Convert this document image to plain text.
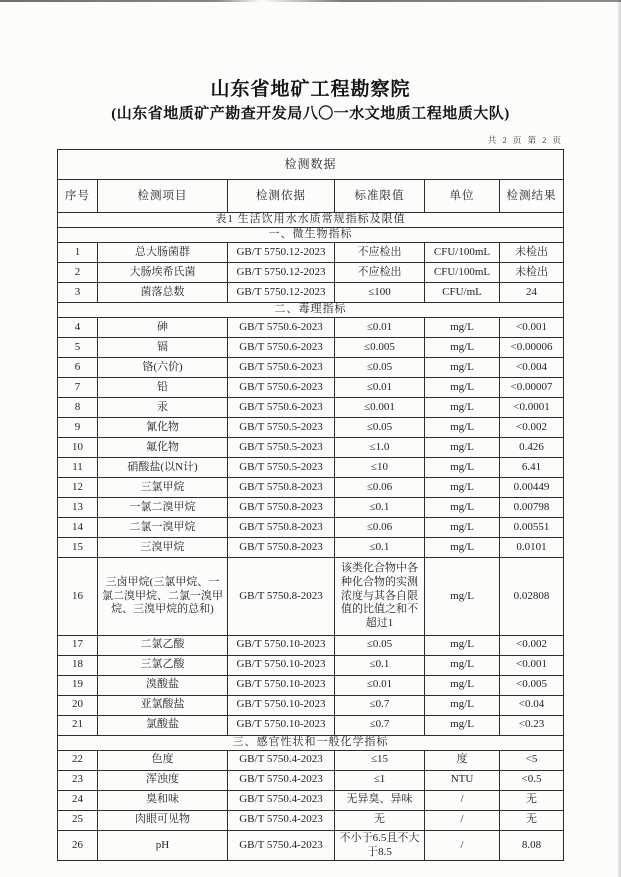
山东省地矿工程勘察院
(山东省地质矿产勘查开发局八〇一水文地质工程地质大队)
共 2 页 第 2 页
检测数据					
序号	检测项目	检测依据	标准限值	单位	检测结果
表1 生活饮用水水质常规指标及限值					
一、微生物指标					
1	总大肠菌群	GB/T 5750.12-2023	不应检出	CFU/100mL	未检出
2	大肠埃希氏菌	GB/T 5750.12-2023	不应检出	CFU/100mL	未检出
3	菌落总数	GB/T 5750.12-2023	≤100	CFU/mL	24
二、毒理指标					
4	砷	GB/T 5750.6-2023	≤0.01	mg/L	<0.001
5	镉	GB/T 5750.6-2023	≤0.005	mg/L	<0.00006
6	铬(六价)	GB/T 5750.6-2023	≤0.05	mg/L	<0.004
7	铅	GB/T 5750.6-2023	≤0.01	mg/L	<0.00007
8	汞	GB/T 5750.6-2023	≤0.001	mg/L	<0.0001
9	氰化物	GB/T 5750.5-2023	≤0.05	mg/L	<0.002
10	氟化物	GB/T 5750.5-2023	≤1.0	mg/L	0.426
11	硝酸盐(以N计)	GB/T 5750.5-2023	≤10	mg/L	6.41
12	三氯甲烷	GB/T 5750.8-2023	≤0.06	mg/L	0.00449
13	一氯二溴甲烷	GB/T 5750.8-2023	≤0.1	mg/L	0.00798
14	二氯一溴甲烷	GB/T 5750.8-2023	≤0.06	mg/L	0.00551
15	三溴甲烷	GB/T 5750.8-2023	≤0.1	mg/L	0.0101
16	三卤甲烷(三氯甲烷、一氯二溴甲烷、二氯一溴甲烷、三溴甲烷的总和)	GB/T 5750.8-2023	该类化合物中各种化合物的实测浓度与其各自限值的比值之和不超过1	mg/L	0.02808
17	二氯乙酸	GB/T 5750.10-2023	≤0.05	mg/L	<0.002
18	三氯乙酸	GB/T 5750.10-2023	≤0.1	mg/L	<0.001
19	溴酸盐	GB/T 5750.10-2023	≤0.01	mg/L	<0.005
20	亚氯酸盐	GB/T 5750.10-2023	≤0.7	mg/L	<0.04
21	氯酸盐	GB/T 5750.10-2023	≤0.7	mg/L	<0.23
三、感官性状和一般化学指标					
22	色度	GB/T 5750.4-2023	≤15	度	<5
23	浑浊度	GB/T 5750.4-2023	≤1	NTU	<0.5
24	臭和味	GB/T 5750.4-2023	无异臭、异味	/	无
25	肉眼可见物	GB/T 5750.4-2023	无	/	无
26	pH	GB/T 5750.4-2023	不小于6.5且不大于8.5	/	8.08
